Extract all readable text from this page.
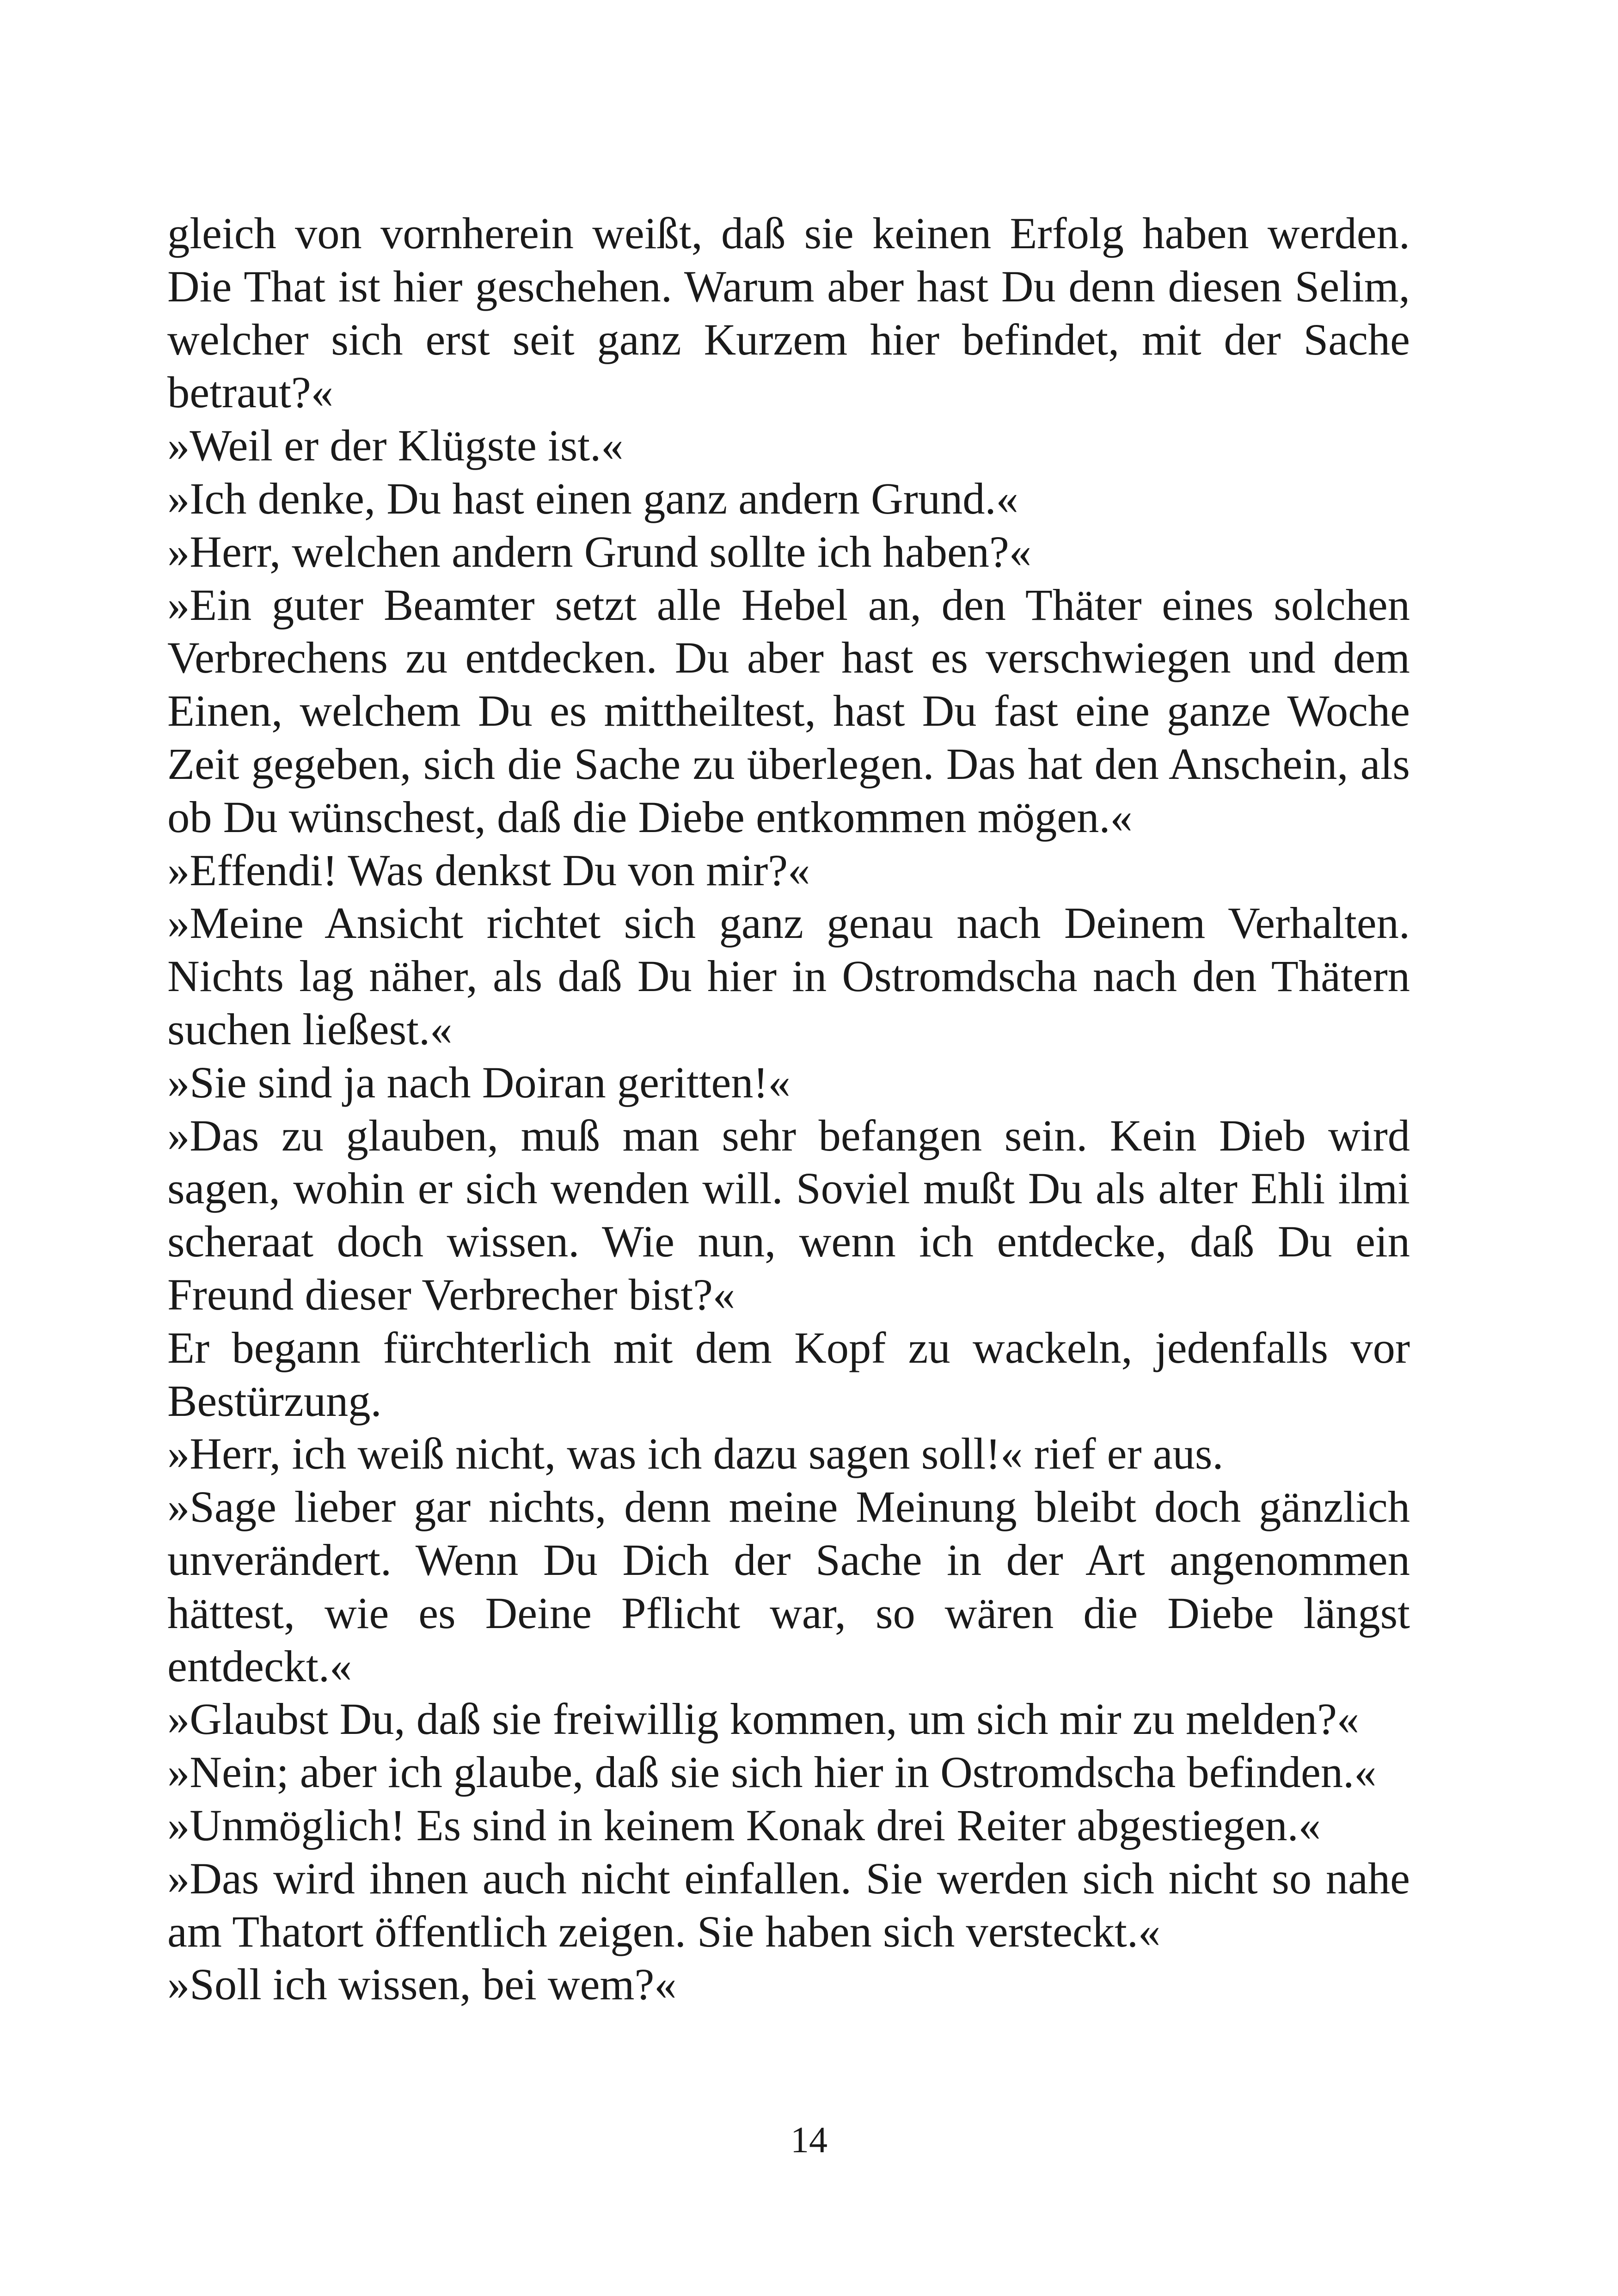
gleich von vornherein weißt, daß sie keinen Erfolg haben werden. Die That ist hier geschehen. Warum aber hast Du denn diesen Selim, welcher sich erst seit ganz Kurzem hier befindet, mit der Sache betraut?«

»Weil er der Klügste ist.«

»Ich denke, Du hast einen ganz andern Grund.«

»Herr, welchen andern Grund sollte ich haben?«

»Ein guter Beamter setzt alle Hebel an, den Thäter eines solchen Verbrechens zu entdecken. Du aber hast es verschwiegen und dem Einen, welchem Du es mittheiltest, hast Du fast eine ganze Woche Zeit gegeben, sich die Sache zu überlegen. Das hat den Anschein, als ob Du wünschest, daß die Diebe entkommen mögen.«

»Effendi! Was denkst Du von mir?«

»Meine Ansicht richtet sich ganz genau nach Deinem Verhalten. Nichts lag näher, als daß Du hier in Ostromdscha nach den Thätern suchen ließest.«

»Sie sind ja nach Doiran geritten!«

»Das zu glauben, muß man sehr befangen sein. Kein Dieb wird sagen, wohin er sich wenden will. Soviel mußt Du als alter Ehli ilmi scheraat doch wissen. Wie nun, wenn ich entdecke, daß Du ein Freund dieser Verbrecher bist?«

Er begann fürchterlich mit dem Kopf zu wackeln, jedenfalls vor Bestürzung.

»Herr, ich weiß nicht, was ich dazu sagen soll!« rief er aus.

»Sage lieber gar nichts, denn meine Meinung bleibt doch gänzlich unverändert. Wenn Du Dich der Sache in der Art angenommen hättest, wie es Deine Pflicht war, so wären die Diebe längst entdeckt.«

»Glaubst Du, daß sie freiwillig kommen, um sich mir zu melden?«

»Nein; aber ich glaube, daß sie sich hier in Ostromdscha befinden.«

»Unmöglich! Es sind in keinem Konak drei Reiter abgestiegen.«

»Das wird ihnen auch nicht einfallen. Sie werden sich nicht so nahe am Thatort öffentlich zeigen. Sie haben sich versteckt.«

»Soll ich wissen, bei wem?«

14
